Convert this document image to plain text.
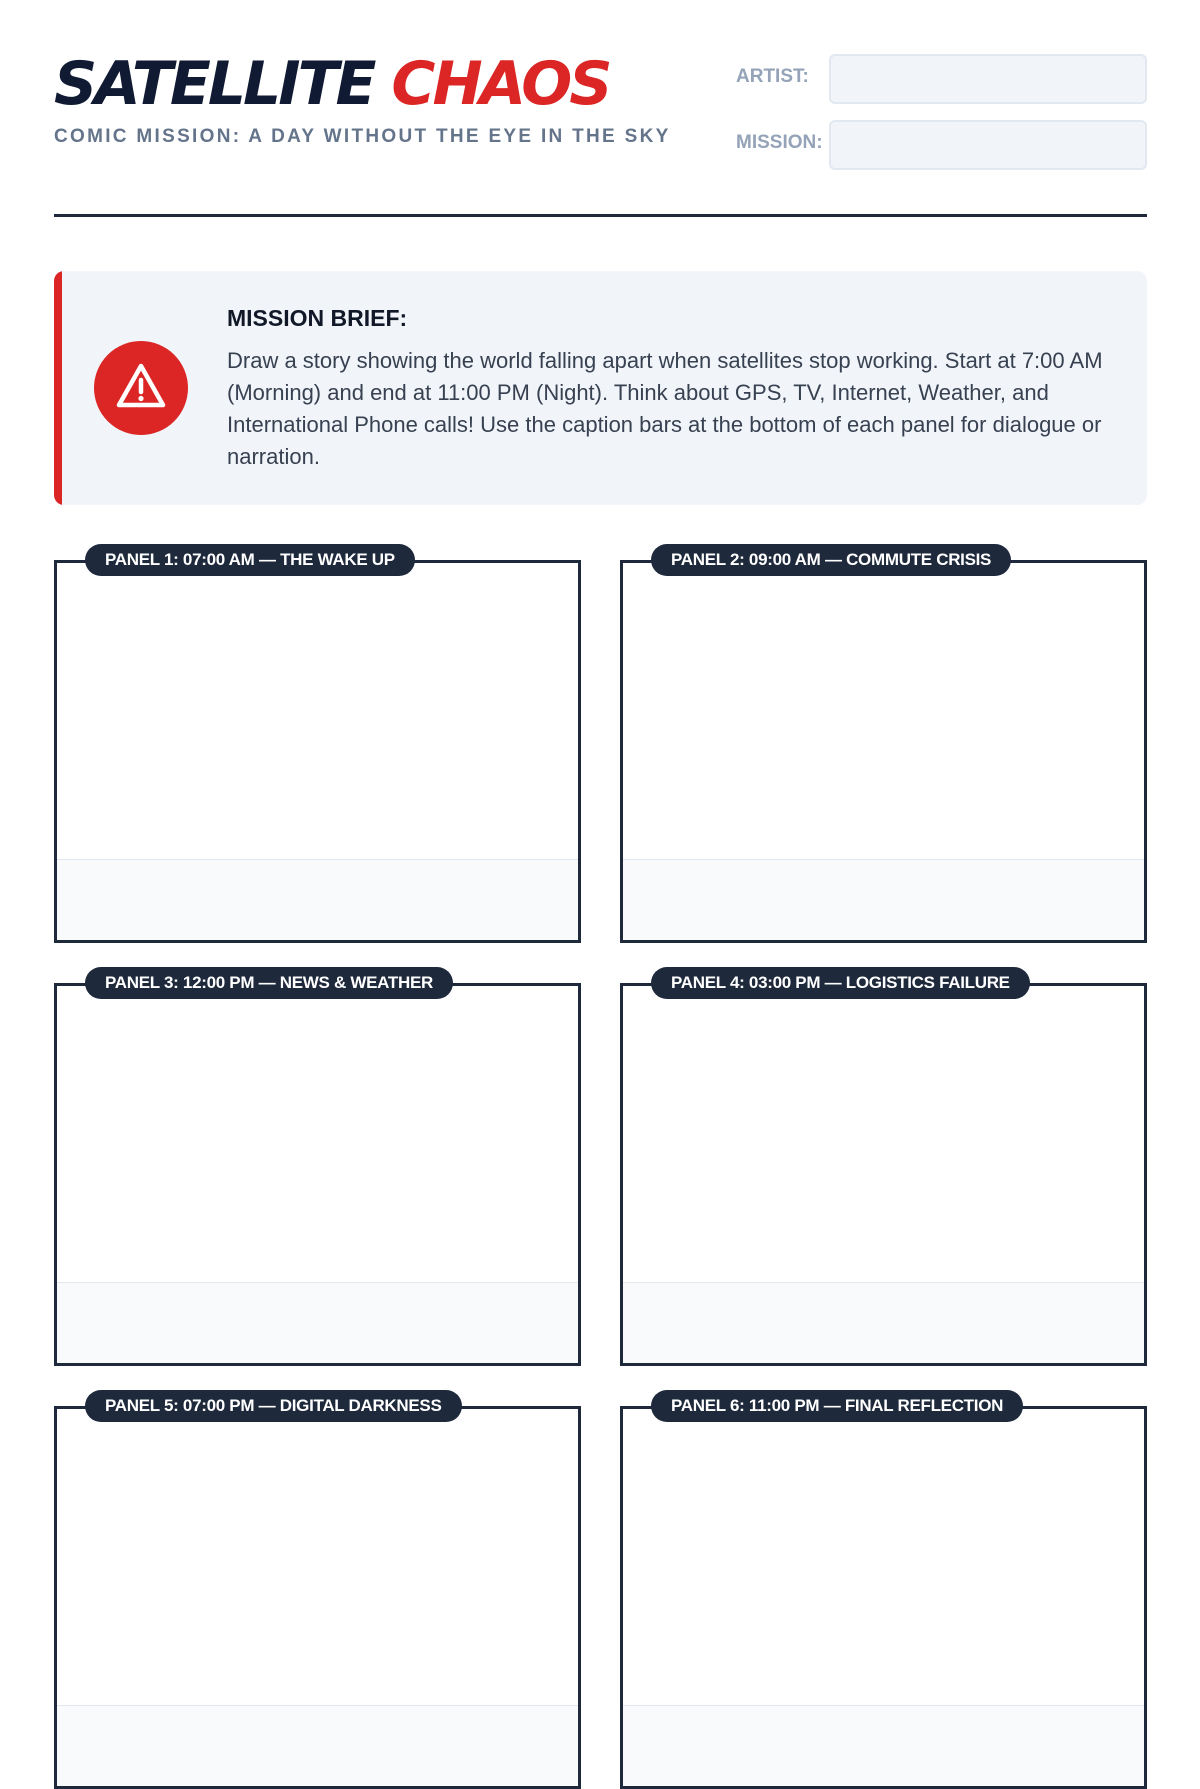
SATELLITE CHAOS

COMIC MISSION: A DAY WITHOUT THE EYE IN THE SKY

ARTIST:
MISSION:
MISSION BRIEF:

Draw a story showing the world falling apart when satellites stop working. Start at 7:00 AM (Morning) and end at 11:00 PM (Night). Think about GPS, TV, Internet, Weather, and International Phone calls! Use the caption bars at the bottom of each panel for dialogue or narration.

PANEL 1: 07:00 AM — THE WAKE UP	PANEL 2: 09:00 AM — COMMUTE CRISIS
PANEL 3: 12:00 PM — NEWS & WEATHER	PANEL 4: 03:00 PM — LOGISTICS FAILURE
PANEL 5: 07:00 PM — DIGITAL DARKNESS	PANEL 6: 11:00 PM — FINAL REFLECTION
